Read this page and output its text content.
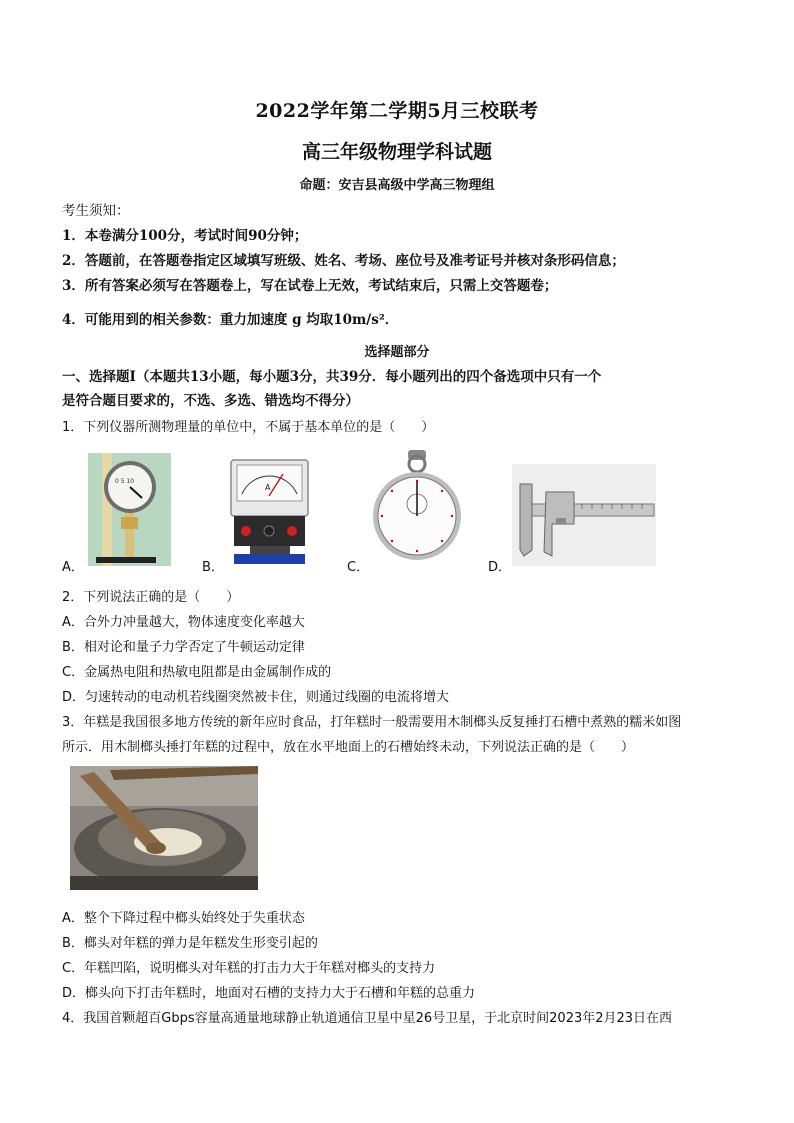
2022学年第二学期5月三校联考
高三年级物理学科试题
命题：安吉县高级中学高三物理组
考生须知：
1．本卷满分100分，考试时间90分钟；
2．答题前，在答题卷指定区域填写班级、姓名、考场、座位号及准考证号并核对条形码信息；
3．所有答案必须写在答题卷上，写在试卷上无效，考试结束后，只需上交答题卷；
4．可能用到的相关参数：重力加速度 g 均取10m/s²．
选择题部分
一、选择题Ⅰ（本题共13小题，每小题3分，共39分．每小题列出的四个备选项中只有一个
是符合题目要求的，不选、多选、错选均不得分）
1．下列仪器所测物理量的单位中，不属于基本单位的是（　　）
A．
0 5 10
B．
A
C．	D．
2．下列说法正确的是（　　）
A．合外力冲量越大，物体速度变化率越大
B．相对论和量子力学否定了牛顿运动定律
C．金属热电阻和热敏电阻都是由金属制作成的
D．匀速转动的电动机若线圈突然被卡住，则通过线圈的电流将增大
3．年糕是我国很多地方传统的新年应时食品，打年糕时一般需要用木制榔头反复捶打石槽中煮熟的糯米如图
所示．用木制榔头捶打年糕的过程中，放在水平地面上的石槽始终未动，下列说法正确的是（　　）
A．整个下降过程中榔头始终处于失重状态
B．榔头对年糕的弹力是年糕发生形变引起的
C．年糕凹陷，说明榔头对年糕的打击力大于年糕对榔头的支持力
D．榔头向下打击年糕时，地面对石槽的支持力大于石槽和年糕的总重力
4．我国首颗超百Gbps容量高通量地球静止轨道通信卫星中星26号卫星，于北京时间2023年2月23日在西
